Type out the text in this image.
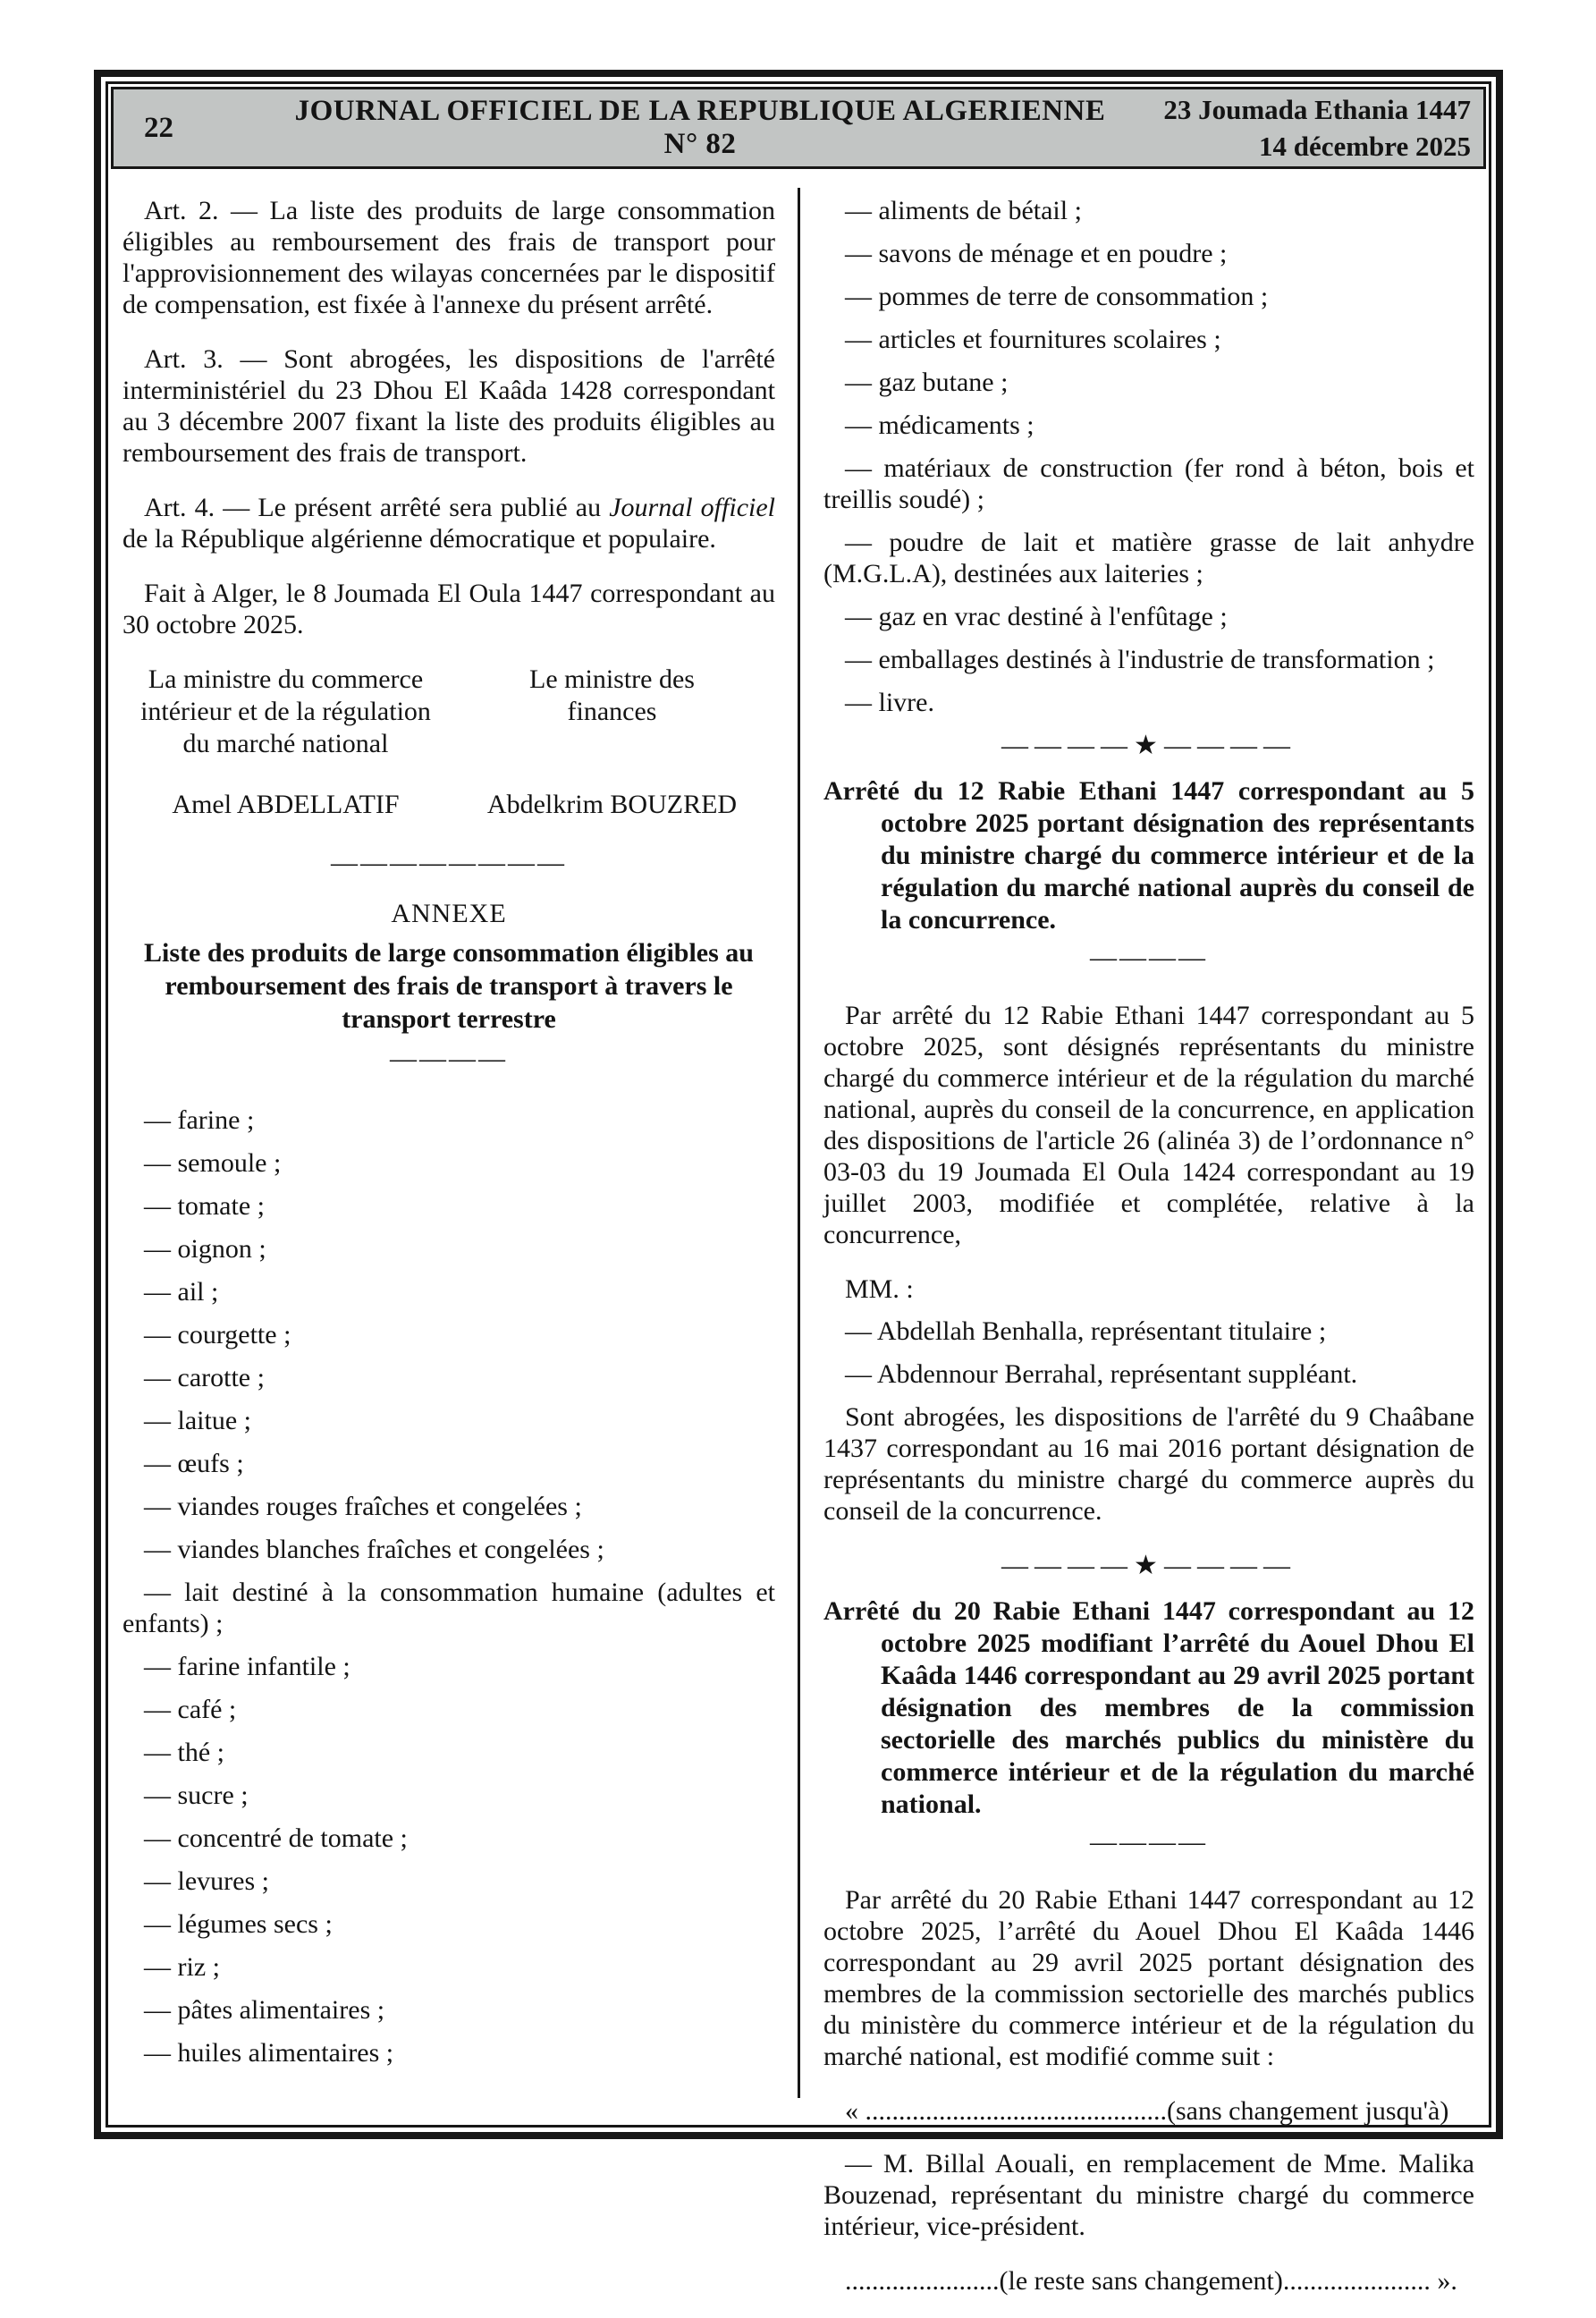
22
JOURNAL OFFICIEL DE LA REPUBLIQUE ALGERIENNE N° 82
23 Joumada Ethania 1447
14 décembre 2025

Art. 2. — La liste des produits de large consommation éligibles au remboursement des frais de transport pour l'approvisionnement des wilayas concernées par le dispositif de compensation, est fixée à l'annexe du présent arrêté.

Art. 3. — Sont abrogées, les dispositions de l'arrêté interministériel du 23 Dhou El Kaâda 1428 correspondant au 3 décembre 2007 fixant la liste des produits éligibles au remboursement des frais de transport.

Art. 4. — Le présent arrêté sera publié au Journal officiel de la République algérienne démocratique et populaire.

Fait à Alger, le 8 Joumada El Oula 1447 correspondant au 30 octobre 2025.

La ministre du commerce intérieur et de la régulation du marché national
Le ministre des finances
Amel ABDELLATIF	Abdelkrim BOUZRED
————————
ANNEXE
Liste des produits de large consommation éligibles au remboursement des frais de transport à travers le transport terrestre
————

— farine ;

— semoule ;

— tomate ;

— oignon ;

— ail ;

— courgette ;

— carotte ;

— laitue ;

— œufs ;

— viandes rouges fraîches et congelées ;

— viandes blanches fraîches et congelées ;

— lait destiné à la consommation humaine (adultes et enfants) ;

— farine infantile ;

— café ;

— thé ;

— sucre ;

— concentré de tomate ;

— levures ;

— légumes secs ;

— riz ;

— pâtes alimentaires ;

— huiles alimentaires ;

— aliments de bétail ;

— savons de ménage et en poudre ;

— pommes de terre de consommation ;

— articles et fournitures scolaires ;

— gaz butane ;

— médicaments ;

— matériaux de construction (fer rond à béton, bois et treillis soudé) ;

— poudre de lait et matière grasse de lait anhydre (M.G.L.A), destinées aux laiteries ;

— gaz en vrac destiné à l'enfûtage ;

— emballages destinés à l'industrie de transformation ;

— livre.

————★————
Arrêté du 12 Rabie Ethani 1447 correspondant au 5 octobre 2025 portant désignation des représentants du ministre chargé du commerce intérieur et de la régulation du marché national auprès du conseil de la concurrence.
————

Par arrêté du 12 Rabie Ethani 1447 correspondant au 5 octobre 2025, sont désignés représentants du ministre chargé du commerce intérieur et de la régulation du marché national, auprès du conseil de la concurrence, en application des dispositions de l'article 26 (alinéa 3) de l’ordonnance n° 03-03 du 19 Joumada El Oula 1424 correspondant au 19 juillet 2003, modifiée et complétée, relative à la concurrence,

MM. :

— Abdellah Benhalla, représentant titulaire ;

— Abdennour Berrahal, représentant suppléant.

Sont abrogées, les dispositions de l'arrêté du 9 Chaâbane 1437 correspondant au 16 mai 2016 portant désignation de représentants du ministre chargé du commerce auprès du conseil de la concurrence.

————★————
Arrêté du 20 Rabie Ethani 1447 correspondant au 12 octobre 2025 modifiant l’arrêté du Aouel Dhou El Kaâda 1446 correspondant au 29 avril 2025 portant désignation des membres de la commission sectorielle des marchés publics du ministère du commerce intérieur et de la régulation du marché national.
————

Par arrêté du 20 Rabie Ethani 1447 correspondant au 12 octobre 2025, l’arrêté du Aouel Dhou El Kaâda 1446 correspondant au 29 avril 2025 portant désignation des membres de la commission sectorielle des marchés publics du ministère du commerce intérieur et de la régulation du marché national, est modifié comme suit :

« .............................................(sans changement jusqu'à)

— M. Billal Aouali, en remplacement de Mme. Malika Bouzenad, représentant du ministre chargé du commerce intérieur, vice-président.

.......................(le reste sans changement)...................... ».
